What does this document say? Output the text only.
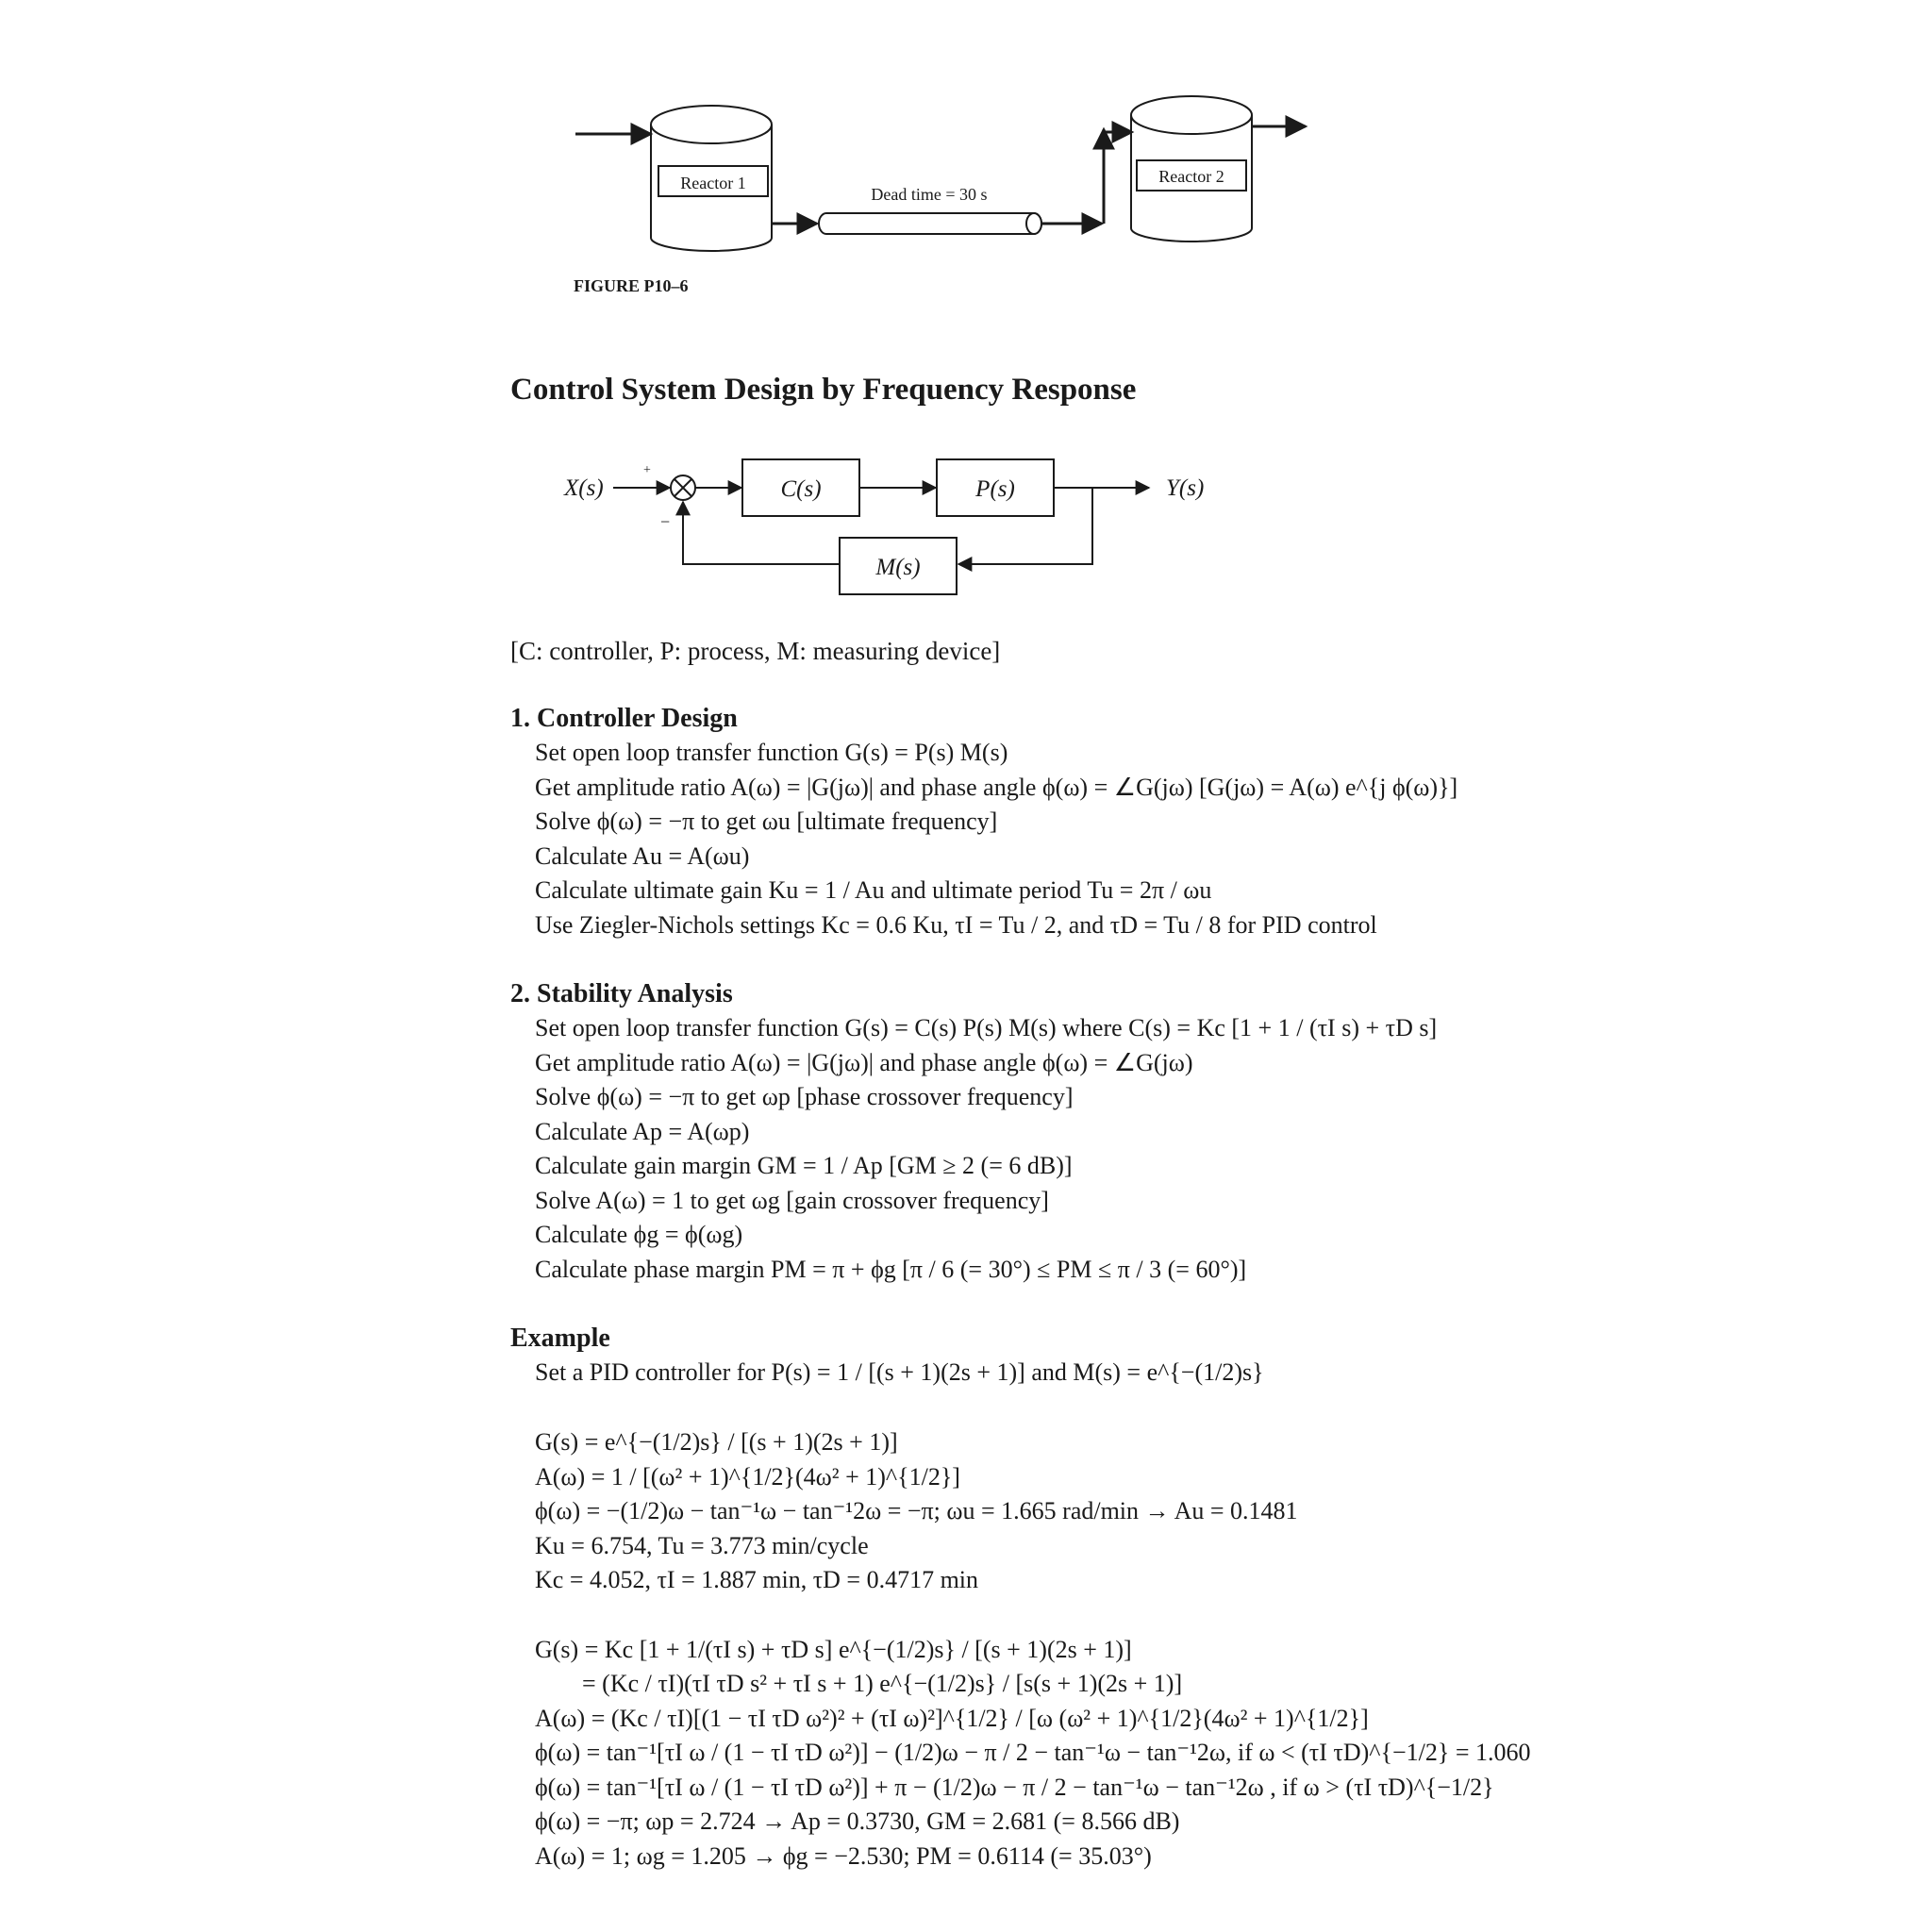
Reactor 1
Dead time = 30 s
Reactor 2
FIGURE P10–6
Control System Design by Frequency Response
X(s)
+
−
C(s)	P(s)	Y(s)
M(s)
[C: controller, P: process, M: measuring device]
1. Controller Design
Set open loop transfer function G(s) = P(s) M(s)
Get amplitude ratio A(ω) = |G(jω)| and phase angle ϕ(ω) = ∠G(jω) [G(jω) = A(ω) e^{j ϕ(ω)}]
Solve ϕ(ω) = −π to get ωu [ultimate frequency]
Calculate Au = A(ωu)
Calculate ultimate gain Ku = 1 / Au and ultimate period Tu = 2π / ωu
Use Ziegler-Nichols settings Kc = 0.6 Ku, τI = Tu / 2, and τD = Tu / 8 for PID control
2. Stability Analysis
Set open loop transfer function G(s) = C(s) P(s) M(s) where C(s) = Kc [1 + 1 / (τI s) + τD s]
Get amplitude ratio A(ω) = |G(jω)| and phase angle ϕ(ω) = ∠G(jω)
Solve ϕ(ω) = −π to get ωp [phase crossover frequency]
Calculate Ap = A(ωp)
Calculate gain margin GM = 1 / Ap [GM ≥ 2 (= 6 dB)]
Solve A(ω) = 1 to get ωg [gain crossover frequency]
Calculate ϕg = ϕ(ωg)
Calculate phase margin PM = π + ϕg [π / 6 (= 30°) ≤ PM ≤ π / 3 (= 60°)]
Example
Set a PID controller for P(s) = 1 / [(s + 1)(2s + 1)] and M(s) = e^{−(1/2)s}
G(s) = e^{−(1/2)s} / [(s + 1)(2s + 1)]
A(ω) = 1 / [(ω² + 1)^{1/2}(4ω² + 1)^{1/2}]
ϕ(ω) = −(1/2)ω − tan⁻¹ω − tan⁻¹2ω = −π; ωu = 1.665 rad/min → Au = 0.1481
Ku = 6.754, Tu = 3.773 min/cycle
Kc = 4.052, τI = 1.887 min, τD = 0.4717 min
G(s) = Kc [1 + 1/(τI s) + τD s] e^{−(1/2)s} / [(s + 1)(2s + 1)]
= (Kc / τI)(τI τD s² + τI s + 1) e^{−(1/2)s} / [s(s + 1)(2s + 1)]
A(ω) = (Kc / τI)[(1 − τI τD ω²)² + (τI ω)²]^{1/2} / [ω (ω² + 1)^{1/2}(4ω² + 1)^{1/2}]
ϕ(ω) = tan⁻¹[τI ω / (1 − τI τD ω²)] − (1/2)ω − π / 2 − tan⁻¹ω − tan⁻¹2ω, if ω < (τI τD)^{−1/2} = 1.060
ϕ(ω) = tan⁻¹[τI ω / (1 − τI τD ω²)] + π − (1/2)ω − π / 2 − tan⁻¹ω − tan⁻¹2ω , if ω > (τI τD)^{−1/2}
ϕ(ω) = −π; ωp = 2.724 → Ap = 0.3730, GM = 2.681 (= 8.566 dB)
A(ω) = 1; ωg = 1.205 → ϕg = −2.530; PM = 0.6114 (= 35.03°)
